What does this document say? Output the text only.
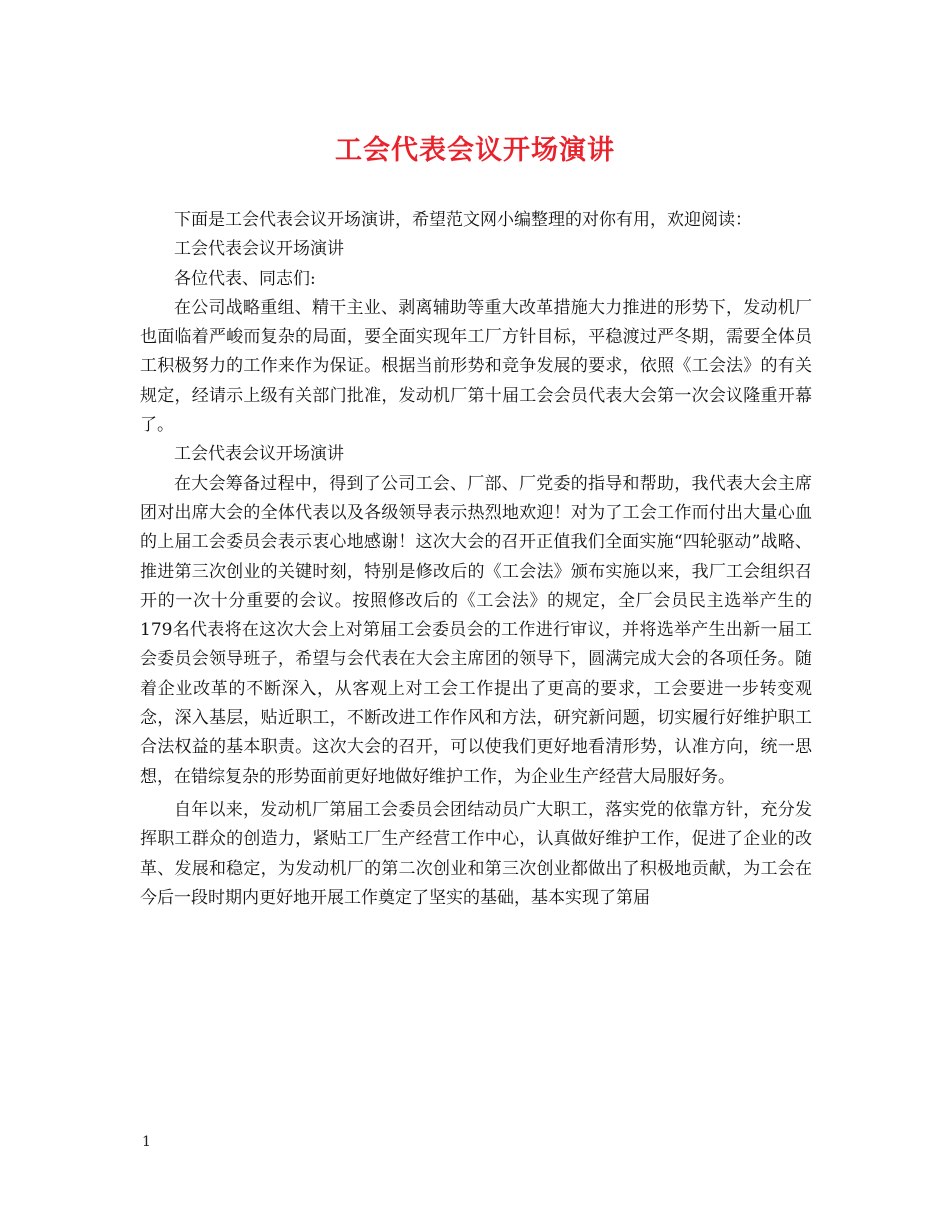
工会代表会议开场演讲

下面是工会代表会议开场演讲，希望范文网小编整理的对你有用，欢迎阅读：

工会代表会议开场演讲

各位代表、同志们:

在公司战略重组、精干主业、剥离辅助等重大改革措施大力推进的形势下，发动机厂也面临着严峻而复杂的局面，要全面实现年工厂方针目标，平稳渡过严冬期，需要全体员工积极努力的工作来作为保证。根据当前形势和竞争发展的要求，依照《工会法》的有关规定，经请示上级有关部门批准，发动机厂第十届工会会员代表大会第一次会议隆重开幕了。

工会代表会议开场演讲

在大会筹备过程中，得到了公司工会、厂部、厂党委的指导和帮助，我代表大会主席团对出席大会的全体代表以及各级领导表示热烈地欢迎！对为了工会工作而付出大量心血的上届工会委员会表示衷心地感谢！这次大会的召开正值我们全面实施“四轮驱动”战略、推进第三次创业的关键时刻，特别是修改后的《工会法》颁布实施以来，我厂工会组织召开的一次十分重要的会议。按照修改后的《工会法》的规定，全厂会员民主选举产生的179名代表将在这次大会上对第届工会委员会的工作进行审议，并将选举产生出新一届工会委员会领导班子，希望与会代表在大会主席团的领导下，圆满完成大会的各项任务。随着企业改革的不断深入，从客观上对工会工作提出了更高的要求，工会要进一步转变观念，深入基层，贴近职工，不断改进工作作风和方法，研究新问题，切实履行好维护职工合法权益的基本职责。这次大会的召开，可以使我们更好地看清形势，认准方向，统一思想，在错综复杂的形势面前更好地做好维护工作，为企业生产经营大局服好务。

自年以来，发动机厂第届工会委员会团结动员广大职工，落实党的依靠方针，充分发挥职工群众的创造力，紧贴工厂生产经营工作中心，认真做好维护工作，促进了企业的改革、发展和稳定，为发动机厂的第二次创业和第三次创业都做出了积极地贡献，为工会在今后一段时期内更好地开展工作奠定了坚实的基础，基本实现了第届

1
